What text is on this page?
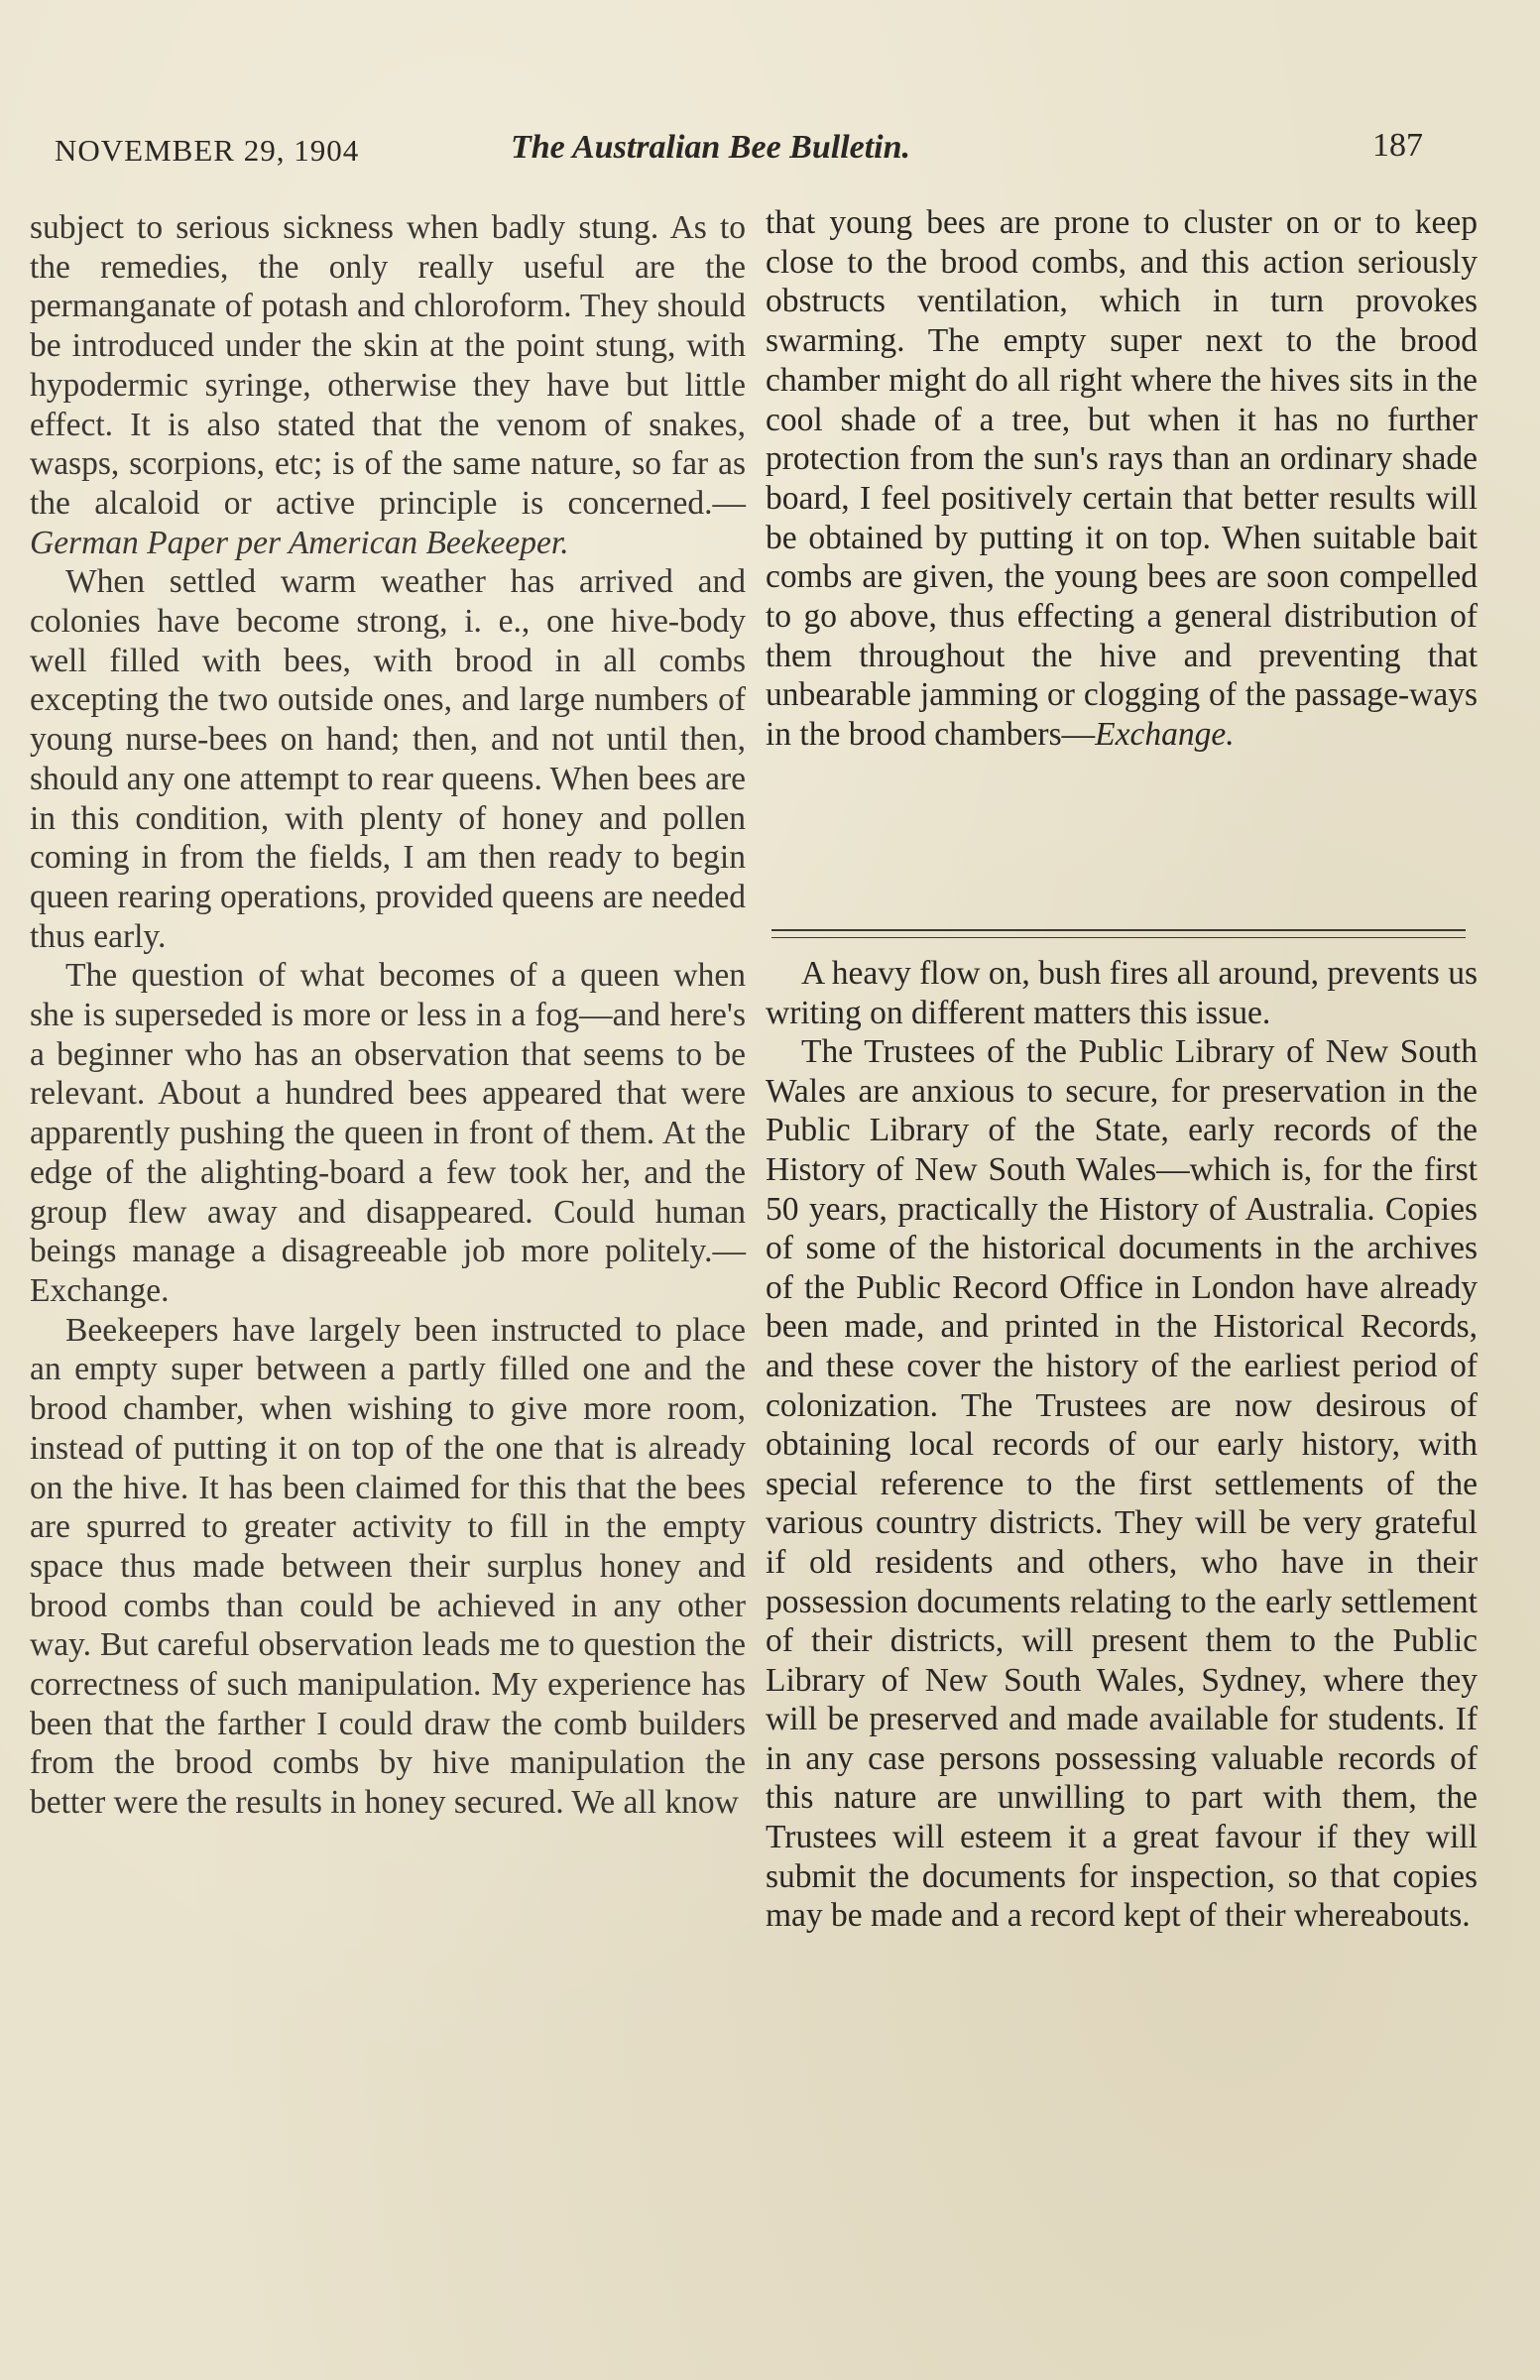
NOVEMBER 29, 1904	The Australian Bee Bulletin.	187

subject to serious sickness when badly stung. As to the remedies, the only really useful are the permanganate of potash and chloroform. They should be introduced under the skin at the point stung, with hypodermic syringe, otherwise they have but little effect. It is also stated that the venom of snakes, wasps, scorpions, etc; is of the same nature, so far as the alcaloid or active principle is concerned.—German Paper per American Beekeeper.

When settled warm weather has arrived and colonies have become strong, i. e., one hive-body well filled with bees, with brood in all combs excepting the two outside ones, and large numbers of young nurse-bees on hand; then, and not until then, should any one attempt to rear queens. When bees are in this condition, with plenty of honey and pollen coming in from the fields, I am then ready to begin queen rearing operations, provided queens are needed thus early.

The question of what becomes of a queen when she is superseded is more or less in a fog—and here's a beginner who has an observation that seems to be relevant. About a hundred bees appeared that were apparently pushing the queen in front of them. At the edge of the alighting-board a few took her, and the group flew away and disappeared. Could human beings manage a disagreeable job more politely.—Exchange.

Beekeepers have largely been instructed to place an empty super between a partly filled one and the brood chamber, when wishing to give more room, instead of putting it on top of the one that is already on the hive. It has been claimed for this that the bees are spurred to greater activity to fill in the empty space thus made between their surplus honey and brood combs than could be achieved in any other way. But careful observation leads me to question the correctness of such manipulation. My experience has been that the farther I could draw the comb builders from the brood combs by hive manipulation the better were the results in honey secured. We all know

that young bees are prone to cluster on or to keep close to the brood combs, and this action seriously obstructs ventilation, which in turn provokes swarming. The empty super next to the brood chamber might do all right where the hives sits in the cool shade of a tree, but when it has no further protection from the sun's rays than an ordinary shade board, I feel positively certain that better results will be obtained by putting it on top. When suitable bait combs are given, the young bees are soon compelled to go above, thus effecting a general distribution of them throughout the hive and preventing that unbearable jamming or clogging of the passage-ways in the brood chambers—Exchange.

A heavy flow on, bush fires all around, prevents us writing on different matters this issue.

The Trustees of the Public Library of New South Wales are anxious to secure, for preservation in the Public Library of the State, early records of the History of New South Wales—which is, for the first 50 years, practically the History of Australia. Copies of some of the historical documents in the archives of the Public Record Office in London have already been made, and printed in the Historical Records, and these cover the history of the earliest period of colonization. The Trustees are now desirous of obtaining local records of our early history, with special reference to the first settlements of the various country districts. They will be very grateful if old residents and others, who have in their possession documents relating to the early settlement of their districts, will present them to the Public Library of New South Wales, Sydney, where they will be preserved and made available for students. If in any case persons possessing valuable records of this nature are unwilling to part with them, the Trustees will esteem it a great favour if they will submit the documents for inspection, so that copies may be made and a record kept of their whereabouts.
